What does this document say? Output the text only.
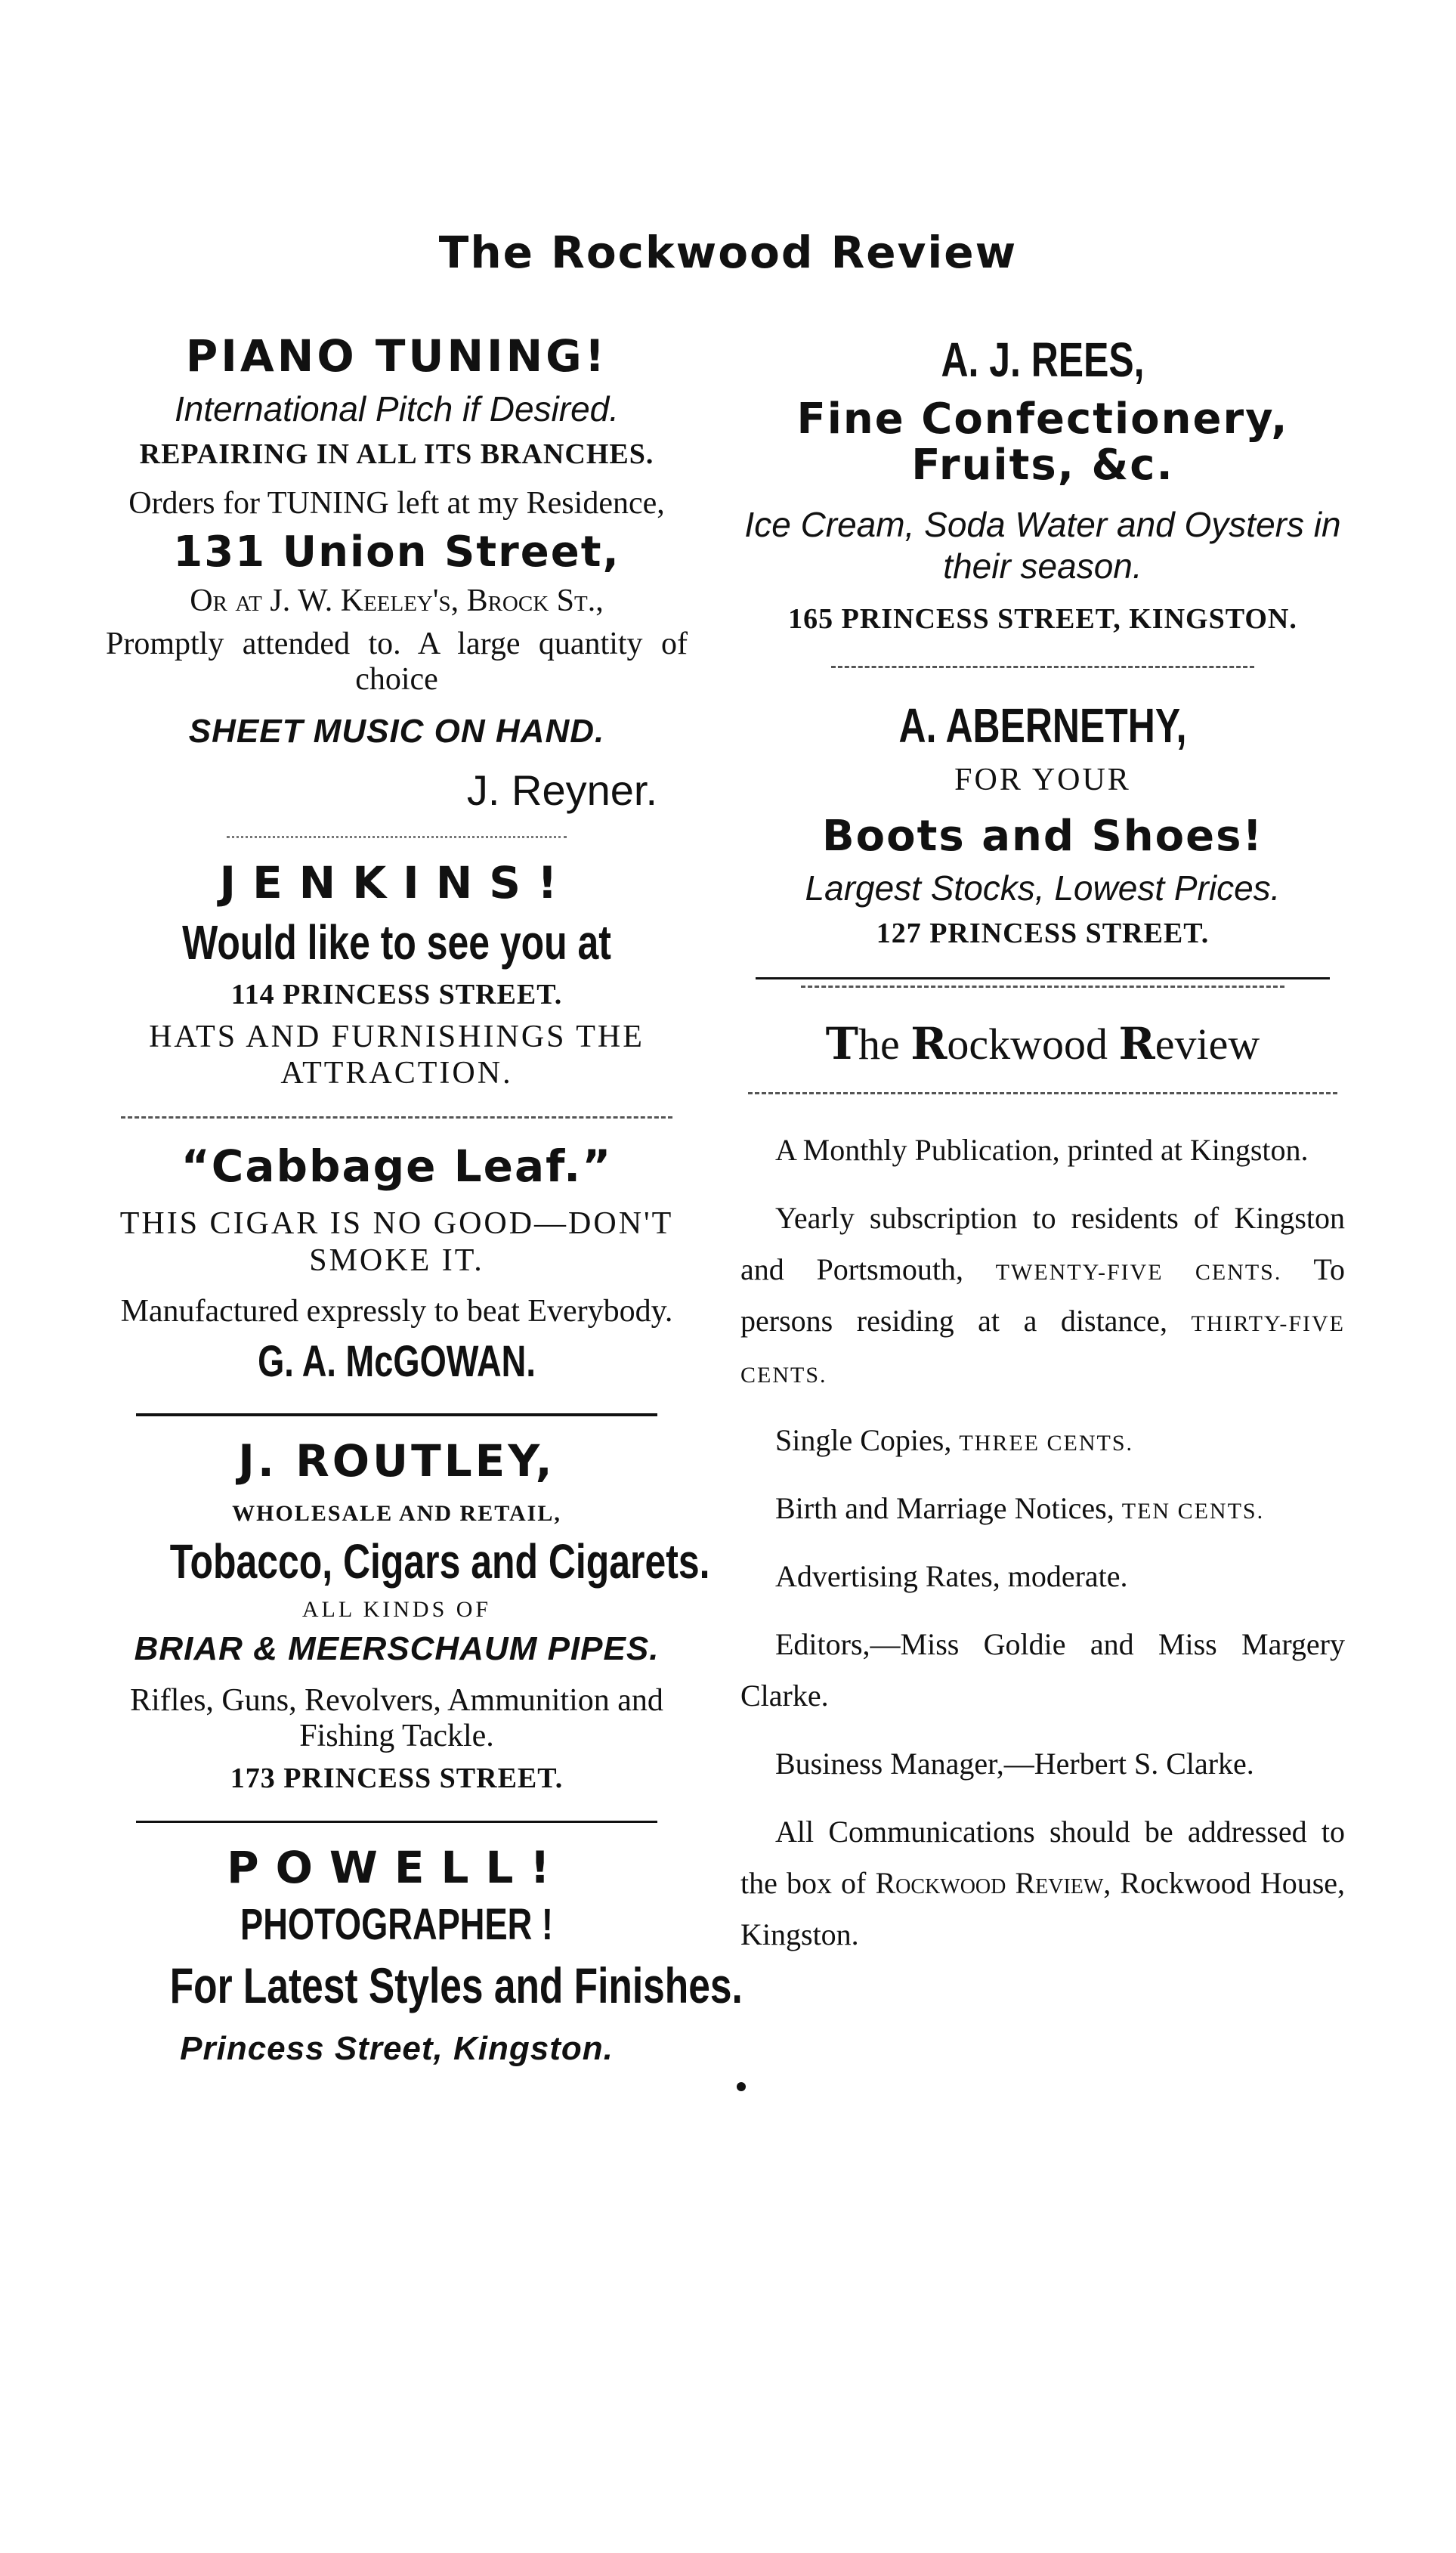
The Rockwood Review
PIANO TUNING!
International Pitch if Desired.
REPAIRING IN ALL ITS BRANCHES.
Orders for TUNING left at my Residence,
131 Union Street,
Or at J. W. Keeley's, Brock St.,
Promptly attended to. A large quantity of choice
SHEET MUSIC ON HAND.
J. Reyner.
JENKINS!
Would like to see you at
114 PRINCESS STREET.
HATS AND FURNISHINGS THE ATTRACTION.
“Cabbage Leaf.”
THIS CIGAR IS NO GOOD—DON'T SMOKE IT.
Manufactured expressly to beat Everybody.
G. A. McGOWAN.
J. ROUTLEY,
WHOLESALE AND RETAIL,
Tobacco, Cigars and Cigarets.
ALL KINDS OF
BRIAR & MEERSCHAUM PIPES.
Rifles, Guns, Revolvers, Ammunition and Fishing Tackle.
173 PRINCESS STREET.
POWELL!
PHOTOGRAPHER !
For Latest Styles and Finishes.
Princess Street, Kingston.
A. J. REES,
Fine Confectionery,
Fruits, &c.
Ice Cream, Soda Water and Oysters in their season.
165 PRINCESS STREET, KINGSTON.
A. ABERNETHY,
FOR YOUR
Boots and Shoes!
Largest Stocks, Lowest Prices.
127 PRINCESS STREET.
The Rockwood Review
A Monthly Publication, printed at Kingston.
Yearly subscription to residents of Kingston and Portsmouth, TWENTY-FIVE CENTS. To persons residing at a distance, THIRTY-FIVE CENTS.
Single Copies, THREE CENTS.
Birth and Marriage Notices, TEN CENTS.
Advertising Rates, moderate.
Editors,—Miss Goldie and Miss Margery Clarke.
Business Manager,—Herbert S. Clarke.
All Communications should be addressed to the box of Rockwood Review, Rockwood House, Kingston.
